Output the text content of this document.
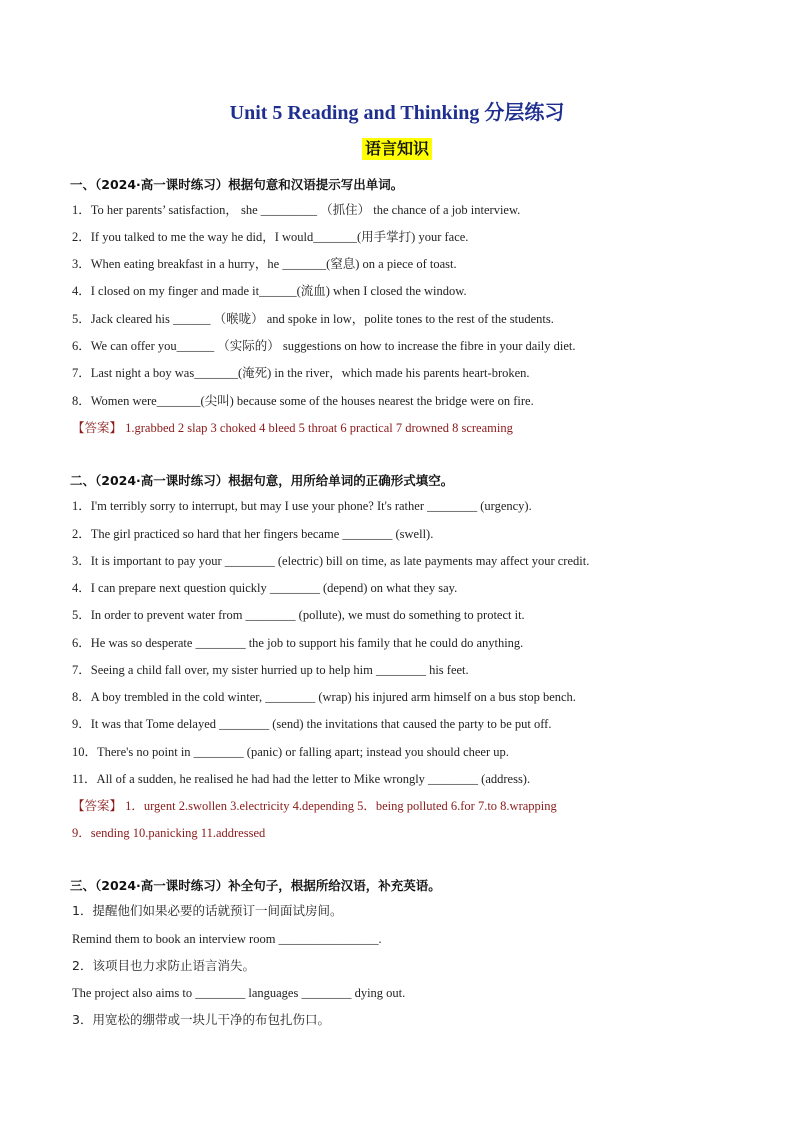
Unit 5 Reading and Thinking 分层练习
语言知识
一、（2024·高一课时练习）根据句意和汉语提示写出单词。
1．To her parents’ satisfaction， she _________ （抓住） the chance of a job interview.
2．If you talked to me the way he did，I would_______(用手掌打) your face.
3．When eating breakfast in a hurry，he _______(窒息) on a piece of toast.
4．I closed on my finger and made it______(流血) when I closed the window.
5．Jack cleared his ______ （喉咙） and spoke in low，polite tones to the rest of the students.
6．We can offer you______ （实际的） suggestions on how to increase the fibre in your daily diet.
7．Last night a boy was_______(淹死) in the river，which made his parents heart-broken.
8．Women were_______(尖叫) because some of the houses nearest the bridge were on fire.
【答案】 1.grabbed 2 slap 3 choked 4 bleed 5 throat 6 practical 7 drowned 8 screaming
二、（2024·高一课时练习）根据句意，用所给单词的正确形式填空。
1．I'm terribly sorry to interrupt, but may I use your phone? It's rather ________ (urgency).
2．The girl practiced so hard that her fingers became ________ (swell).
3．It is important to pay your ________ (electric) bill on time, as late payments may affect your credit.
4．I can prepare next question quickly ________ (depend) on what they say.
5．In order to prevent water from ________ (pollute), we must do something to protect it.
6．He was so desperate ________ the job to support his family that he could do anything.
7．Seeing a child fall over, my sister hurried up to help him ________ his feet.
8．A boy trembled in the cold winter, ________ (wrap) his injured arm himself on a bus stop bench.
9．It was that Tome delayed ________ (send) the invitations that caused the party to be put off.
10．There's no point in ________ (panic) or falling apart; instead you should cheer up.
11．All of a sudden, he realised he had had the letter to Mike wrongly ________ (address).
【答案】 1．urgent 2.swollen 3.electricity 4.depending 5．being polluted 6.for 7.to 8.wrapping
9．sending 10.panicking 11.addressed
三、（2024·高一课时练习）补全句子，根据所给汉语，补充英语。
1．提醒他们如果必要的话就预订一间面试房间。
Remind them to book an interview room ________________.
2．该项目也力求防止语言消失。
The project also aims to ________ languages ________ dying out.
3．用宽松的绷带或一块儿干净的布包扎伤口。
